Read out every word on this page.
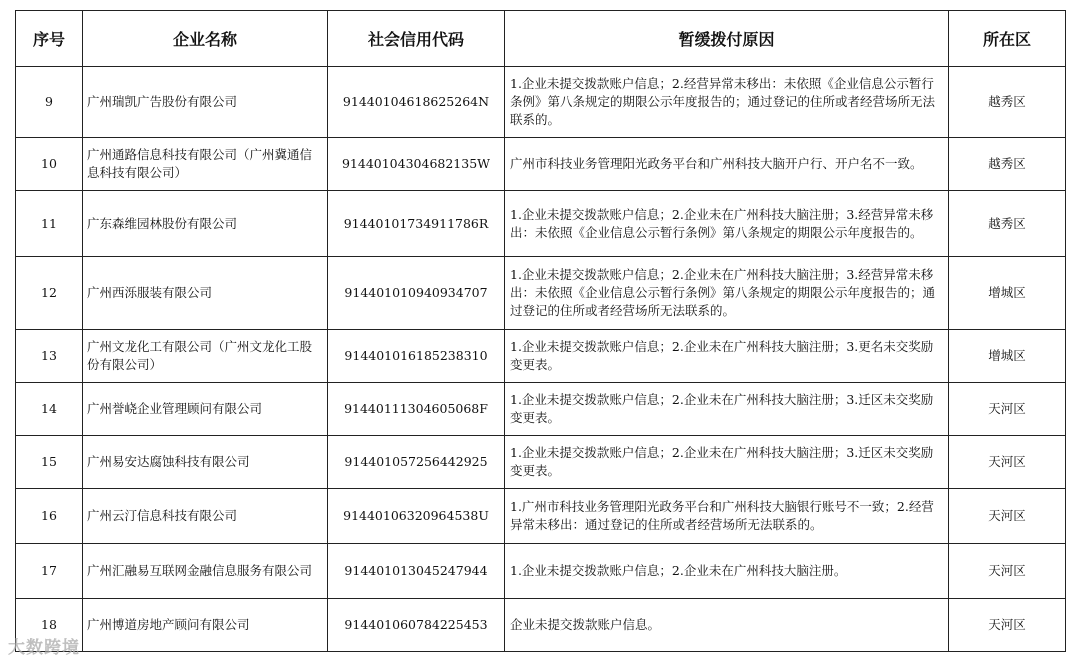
序号	企业名称	社会信用代码	暂缓拨付原因	所在区
9	广州瑞凯广告股份有限公司	91440104618625264N	1.企业未提交拨款账户信息；2.经营异常未移出：未依照《企业信息公示暂行条例》第八条规定的期限公示年度报告的；通过登记的住所或者经营场所无法联系的。	越秀区
10	广州通路信息科技有限公司（广州冀通信息科技有限公司）	91440104304682135W	广州市科技业务管理阳光政务平台和广州科技大脑开户行、开户名不一致。	越秀区
11	广东森维园林股份有限公司	91440101734911786R	1.企业未提交拨款账户信息；2.企业未在广州科技大脑注册；3.经营异常未移出：未依照《企业信息公示暂行条例》第八条规定的期限公示年度报告的。	越秀区
12	广州西泺服装有限公司	914401010940934707	1.企业未提交拨款账户信息；2.企业未在广州科技大脑注册；3.经营异常未移出：未依照《企业信息公示暂行条例》第八条规定的期限公示年度报告的；通过登记的住所或者经营场所无法联系的。	增城区
13	广州文龙化工有限公司（广州文龙化工股份有限公司）	914401016185238310	1.企业未提交拨款账户信息；2.企业未在广州科技大脑注册；3.更名未交奖励变更表。	增城区
14	广州誉峣企业管理顾问有限公司	91440111304605068F	1.企业未提交拨款账户信息；2.企业未在广州科技大脑注册；3.迁区未交奖励变更表。	天河区
15	广州易安达腐蚀科技有限公司	914401057256442925	1.企业未提交拨款账户信息；2.企业未在广州科技大脑注册；3.迁区未交奖励变更表。	天河区
16	广州云汀信息科技有限公司	91440106320964538U	1.广州市科技业务管理阳光政务平台和广州科技大脑银行账号不一致；2.经营异常未移出：通过登记的住所或者经营场所无法联系的。	天河区
17	广州汇融易互联网金融信息服务有限公司	914401013045247944	1.企业未提交拨款账户信息；2.企业未在广州科技大脑注册。	天河区
18	广州博道房地产顾问有限公司	914401060784225453	企业未提交拨款账户信息。	天河区
大数跨境
